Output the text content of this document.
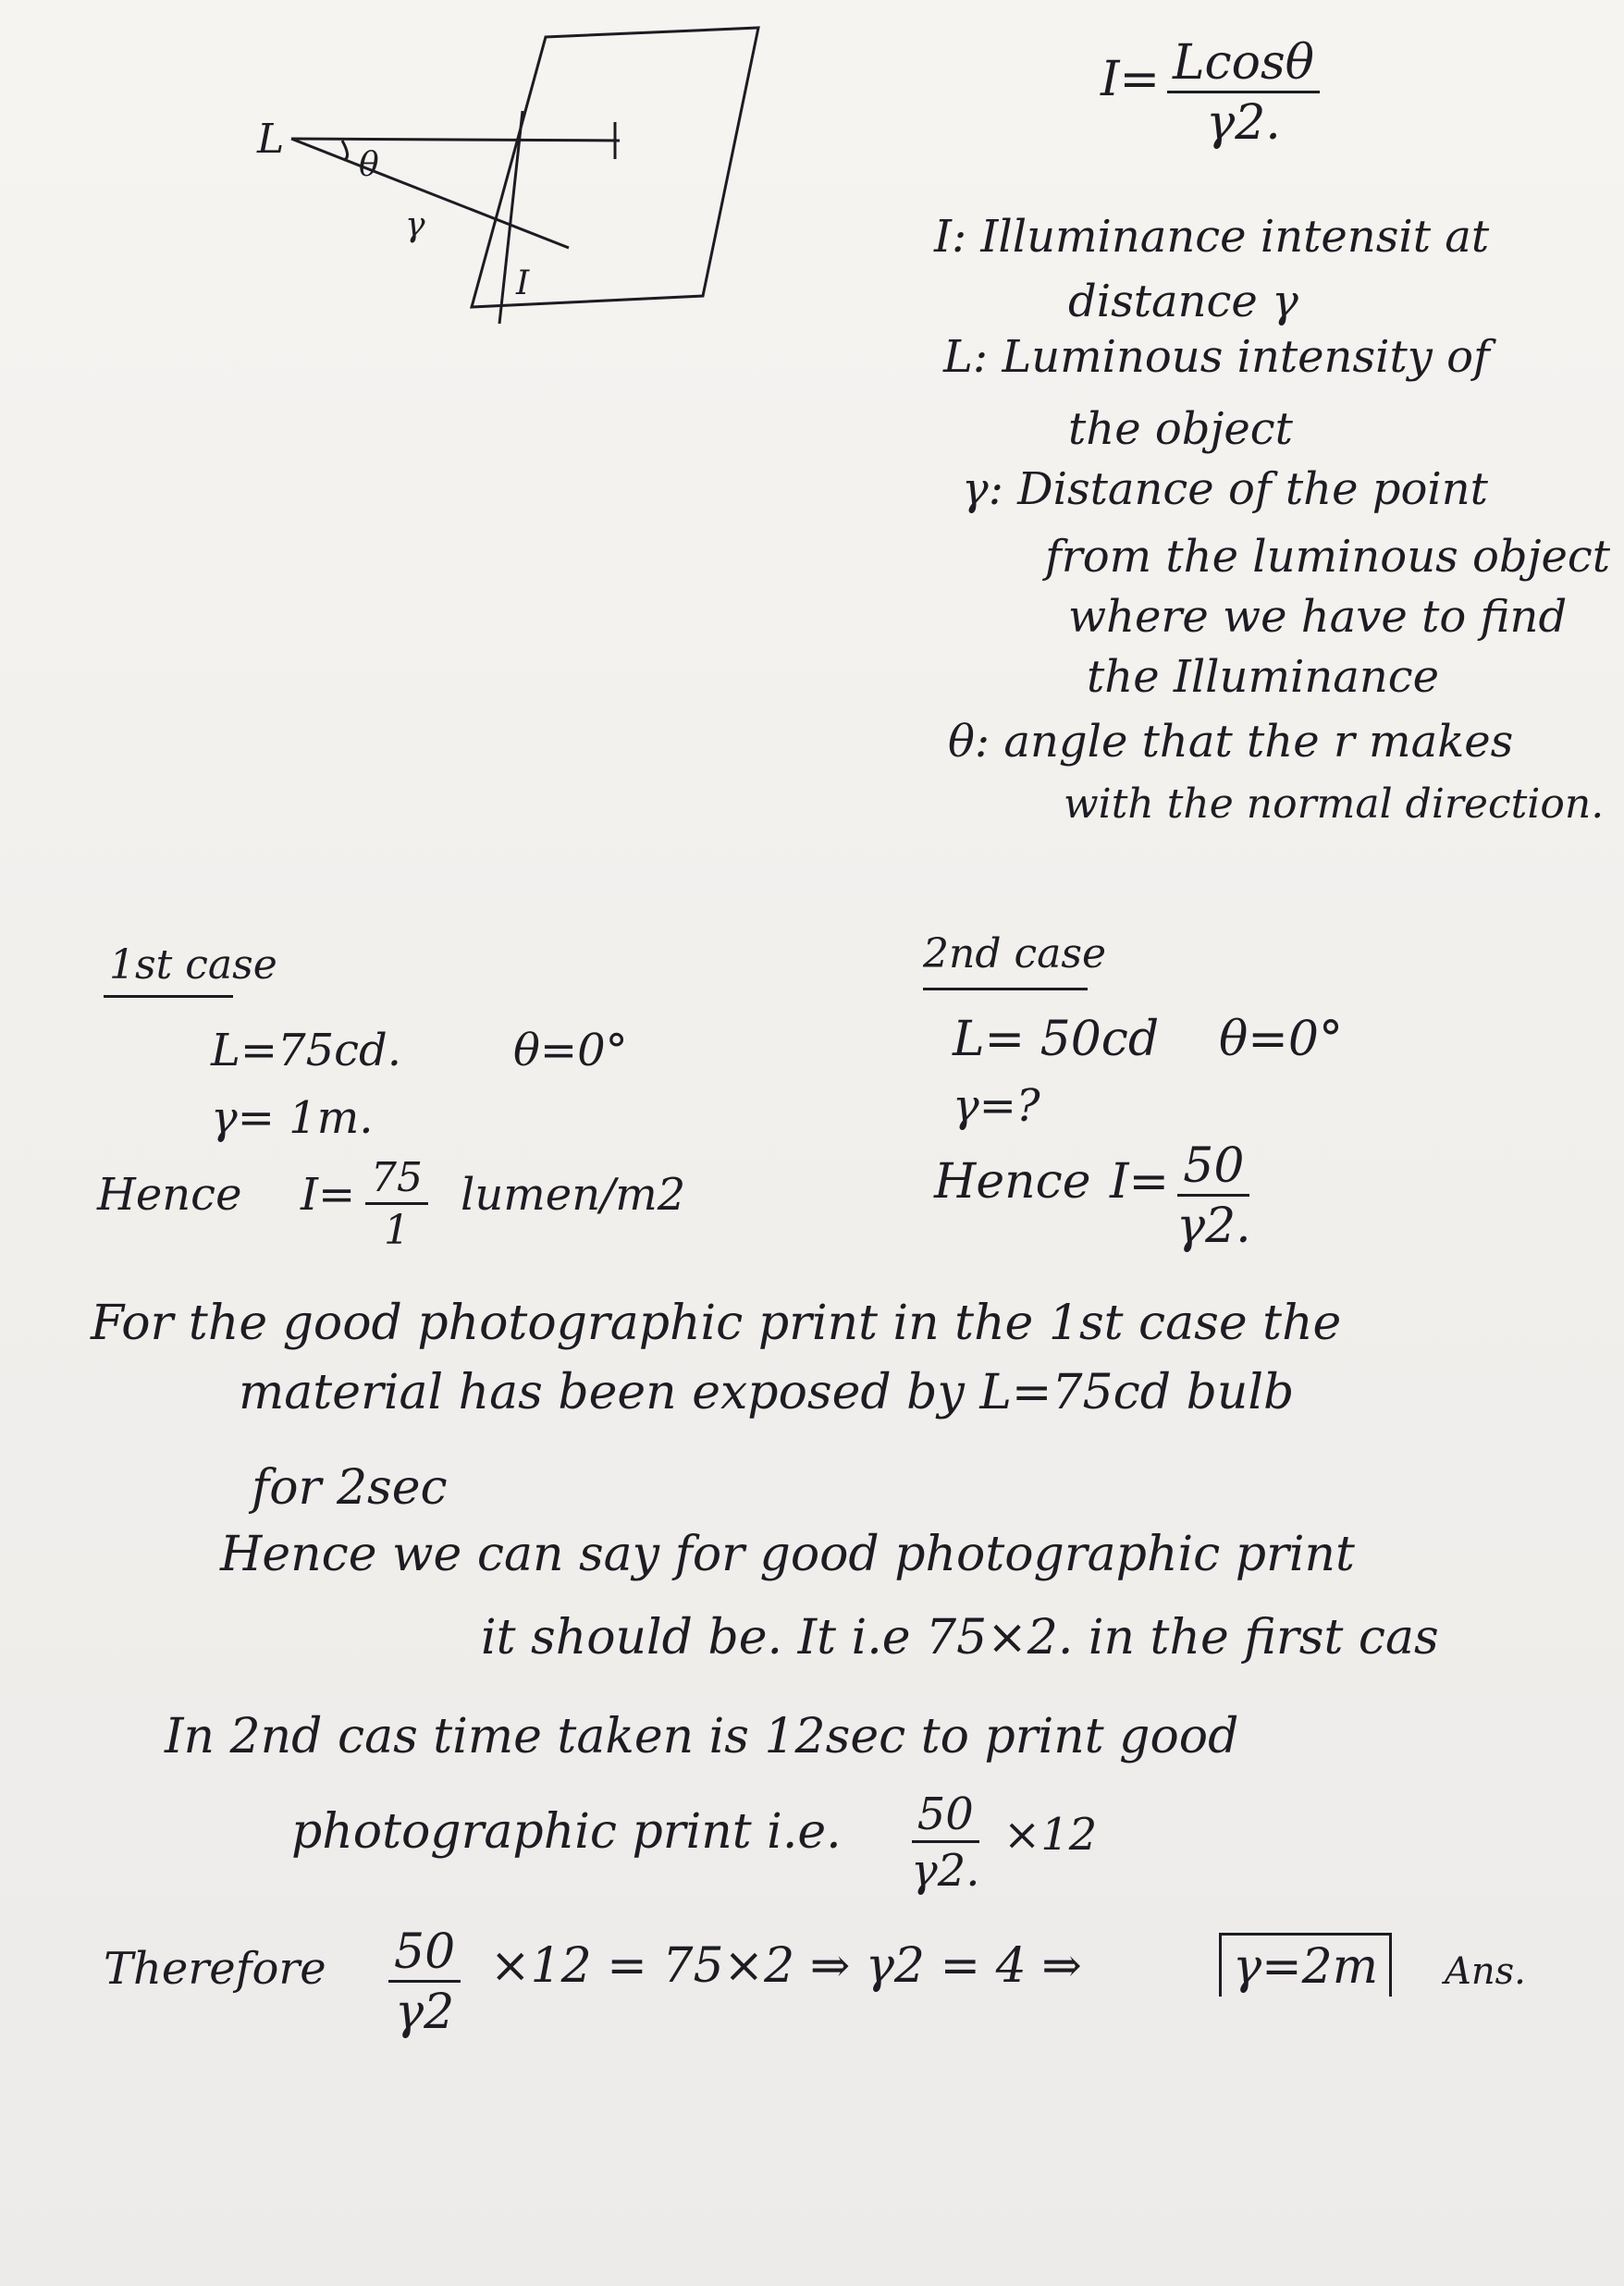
L
θ
γ
I
$I= \frac{Lcos\theta}{\gamma 2.}$
I: Illuminance intensit at
distance γ
L: Luminous intensity of
the object
γ: Distance of the point
from the luminous object
where we have to find
the Illuminance
θ: angle that the r makes
with the normal direction.
1st case
L=75cd.	θ=0°
γ= 1m.
Hence $I= \frac{75}{1}$ lumen/m2
2nd case
L= 50cd θ=0°
γ=?
Hence $I= \frac{50}{\gamma 2.}$
For the good photographic print in the 1st case the
material has been exposed by L=75cd bulb
for 2sec
Hence we can say for good photographic print
it should be. It i.e 75×2. in the first cas
In 2nd cas time taken is 12sec to print good
photographic print i.e. $\frac{50}{\gamma 2.} \times 12$
Therefore $\frac{50}{\gamma 2} \times 12 = 75\times 2$ ⇒ γ2 = 4 ⇒	γ=2m	Ans.
